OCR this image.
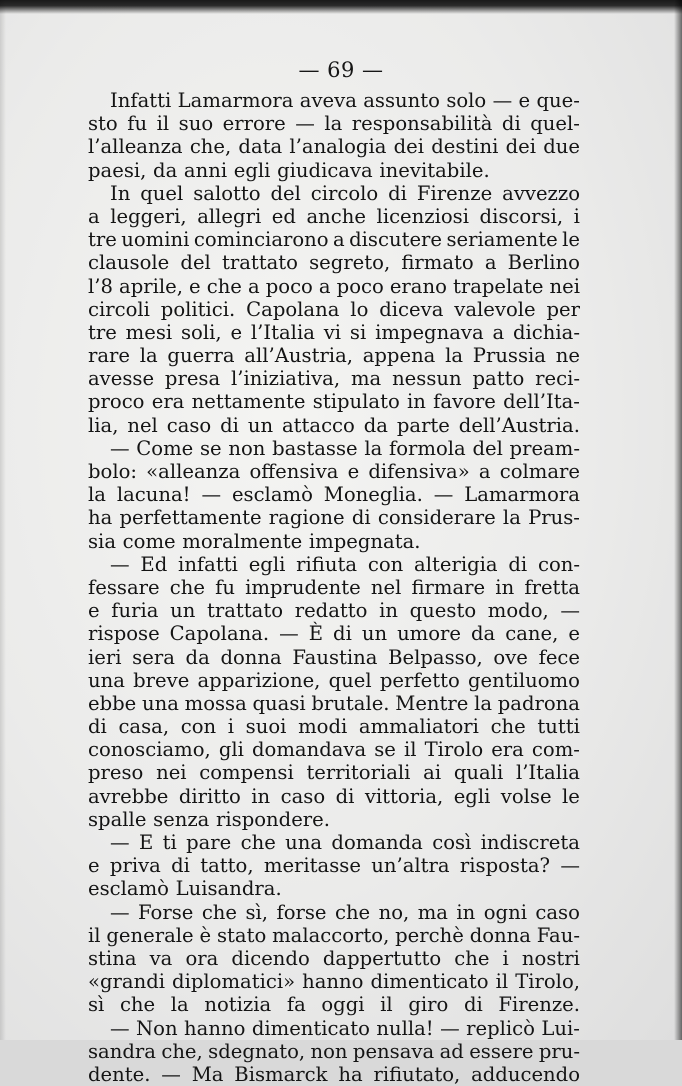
— 69 —
Infatti Lamarmora aveva assunto solo — e que-
sto fu il suo errore — la responsabilità di quel-
l’alleanza che, data l’analogia dei destini dei due
paesi, da anni egli giudicava inevitabile.
In quel salotto del circolo di Firenze avvezzo
a leggeri, allegri ed anche licenziosi discorsi, i
tre uomini cominciarono a discutere seriamente le
clausole del trattato segreto, firmato a Berlino
l’8 aprile, e che a poco a poco erano trapelate nei
circoli politici. Capolana lo diceva valevole per
tre mesi soli, e l’Italia vi si impegnava a dichia-
rare la guerra all’Austria, appena la Prussia ne
avesse presa l’iniziativa, ma nessun patto reci-
proco era nettamente stipulato in favore dell’Ita-
lia, nel caso di un attacco da parte dell’Austria.
— Come se non bastasse la formola del pream-
bolo: «alleanza offensiva e difensiva» a colmare
la lacuna! — esclamò Moneglia. — Lamarmora
ha perfettamente ragione di considerare la Prus-
sia come moralmente impegnata.
— Ed infatti egli rifiuta con alterigia di con-
fessare che fu imprudente nel firmare in fretta
e furia un trattato redatto in questo modo, —
rispose Capolana. — È di un umore da cane, e
ieri sera da donna Faustina Belpasso, ove fece
una breve apparizione, quel perfetto gentiluomo
ebbe una mossa quasi brutale. Mentre la padrona
di casa, con i suoi modi ammaliatori che tutti
conosciamo, gli domandava se il Tirolo era com-
preso nei compensi territoriali ai quali l’Italia
avrebbe diritto in caso di vittoria, egli volse le
spalle senza rispondere.
— E ti pare che una domanda così indiscreta
e priva di tatto, meritasse un’altra risposta? —
esclamò Luisandra.
— Forse che sì, forse che no, ma in ogni caso
il generale è stato malaccorto, perchè donna Fau-
stina va ora dicendo dappertutto che i nostri
«grandi diplomatici» hanno dimenticato il Tirolo,
sì che la notizia fa oggi il giro di Firenze.
— Non hanno dimenticato nulla! — replicò Lui-
sandra che, sdegnato, non pensava ad essere pru-
dente. — Ma Bismarck ha rifiutato, adducendo
